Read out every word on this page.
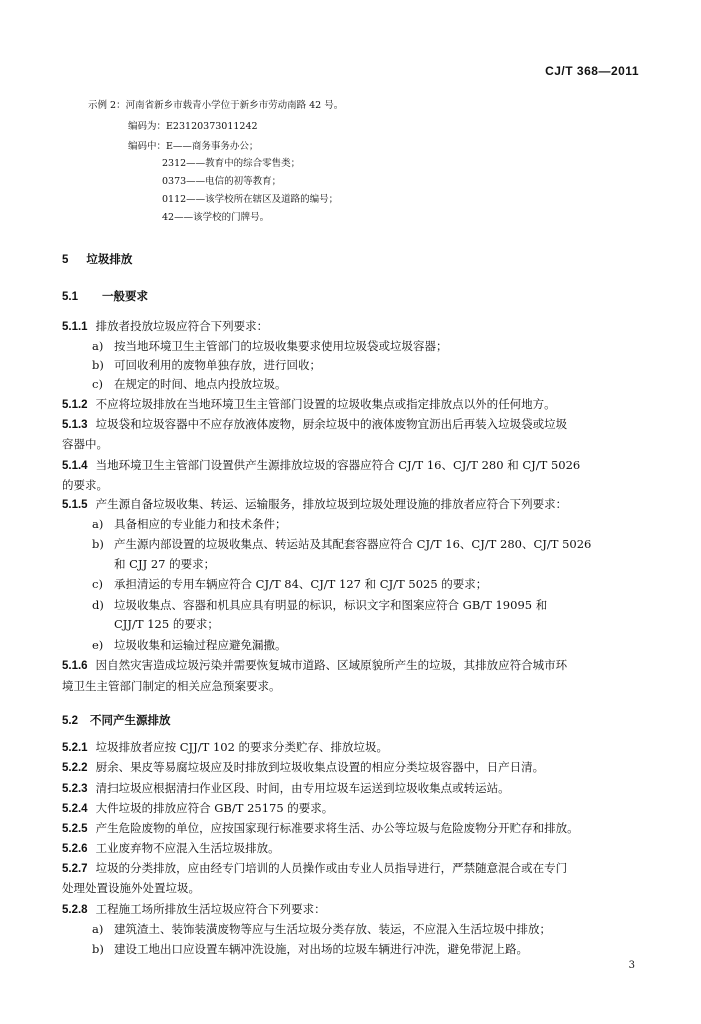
CJ/T 368—2011
示例 2：河南省新乡市载青小学位于新乡市劳动南路 42 号。
编码为：E23120373011242
编码中：E——商务事务办公；
2312——教育中的综合零售类；
0373——电信的初等教育；
0112——该学校所在辖区及道路的编号；
42——该学校的门牌号。
5 垃圾排放
5.1 一般要求
5.1.1 排放者投放垃圾应符合下列要求：
a) 按当地环境卫生主管部门的垃圾收集要求使用垃圾袋或垃圾容器；
b) 可回收利用的废物单独存放，进行回收；
c) 在规定的时间、地点内投放垃圾。
5.1.2 不应将垃圾排放在当地环境卫生主管部门设置的垃圾收集点或指定排放点以外的任何地方。
5.1.3 垃圾袋和垃圾容器中不应存放液体废物，厨余垃圾中的液体废物宜沥出后再装入垃圾袋或垃圾
容器中。
5.1.4 当地环境卫生主管部门设置供产生源排放垃圾的容器应符合 CJ/T 16、CJ/T 280 和 CJ/T 5026
的要求。
5.1.5 产生源自备垃圾收集、转运、运输服务，排放垃圾到垃圾处理设施的排放者应符合下列要求：
a) 具备相应的专业能力和技术条件；
b) 产生源内部设置的垃圾收集点、转运站及其配套容器应符合 CJ/T 16、CJ/T 280、CJ/T 5026
和 CJJ 27 的要求；
c) 承担清运的专用车辆应符合 CJ/T 84、CJ/T 127 和 CJ/T 5025 的要求；
d) 垃圾收集点、容器和机具应具有明显的标识，标识文字和图案应符合 GB/T 19095 和
CJJ/T 125 的要求；
e) 垃圾收集和运输过程应避免漏撒。
5.1.6 因自然灾害造成垃圾污染并需要恢复城市道路、区域原貌所产生的垃圾，其排放应符合城市环
境卫生主管部门制定的相关应急预案要求。
5.2 不同产生源排放
5.2.1 垃圾排放者应按 CJJ/T 102 的要求分类贮存、排放垃圾。
5.2.2 厨余、果皮等易腐垃圾应及时排放到垃圾收集点设置的相应分类垃圾容器中，日产日清。
5.2.3 清扫垃圾应根据清扫作业区段、时间，由专用垃圾车运送到垃圾收集点或转运站。
5.2.4 大件垃圾的排放应符合 GB/T 25175 的要求。
5.2.5 产生危险废物的单位，应按国家现行标准要求将生活、办公等垃圾与危险废物分开贮存和排放。
5.2.6 工业废弃物不应混入生活垃圾排放。
5.2.7 垃圾的分类排放，应由经专门培训的人员操作或由专业人员指导进行，严禁随意混合或在专门
处理处置设施外处置垃圾。
5.2.8 工程施工场所排放生活垃圾应符合下列要求：
a) 建筑渣土、装饰装潢废物等应与生活垃圾分类存放、装运，不应混入生活垃圾中排放；
b) 建设工地出口应设置车辆冲洗设施，对出场的垃圾车辆进行冲洗，避免带泥上路。
3
